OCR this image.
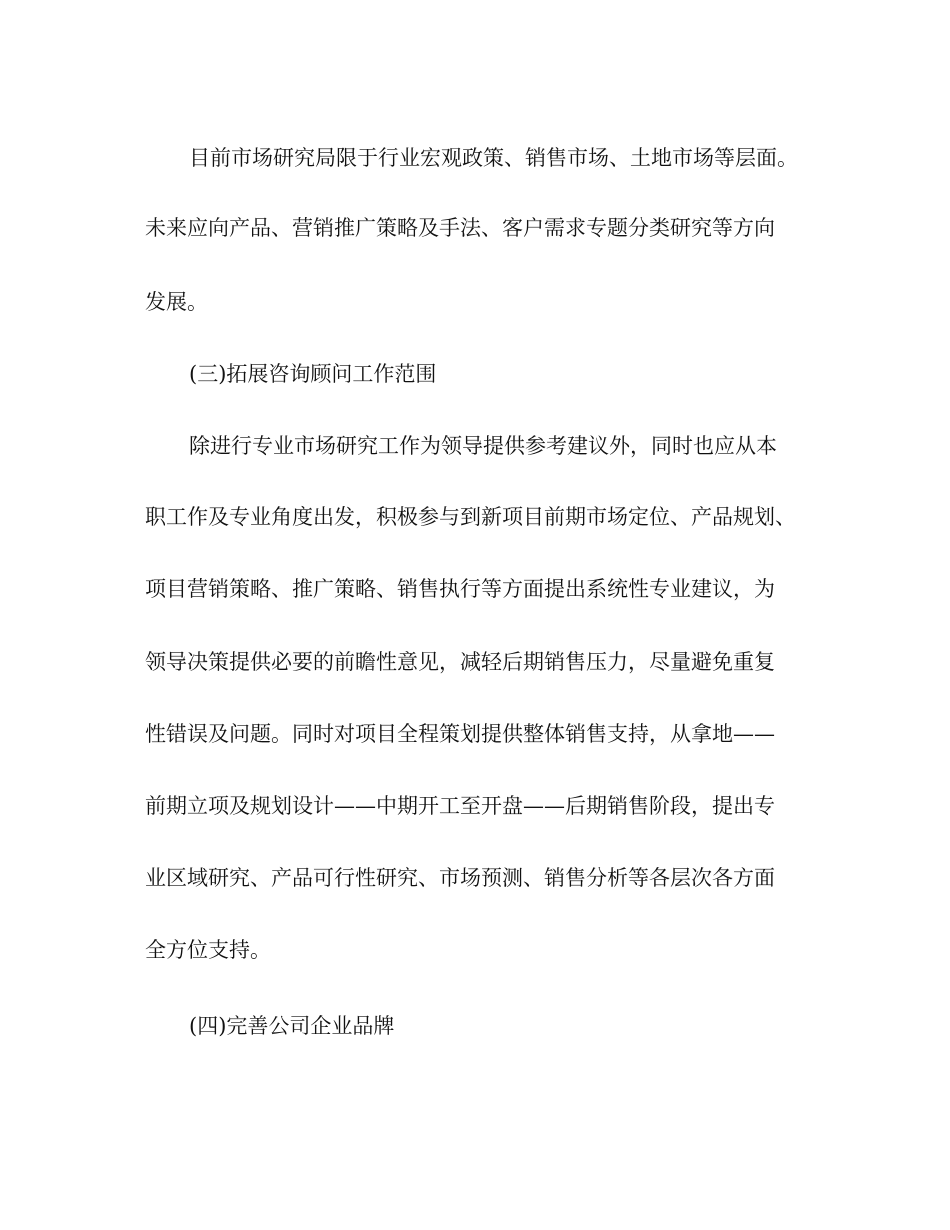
目前市场研究局限于行业宏观政策、销售市场、土地市场等层面。
未来应向产品、营销推广策略及手法、客户需求专题分类研究等方向
发展。
(三)拓展咨询顾问工作范围
除进行专业市场研究工作为领导提供参考建议外，同时也应从本
职工作及专业角度出发，积极参与到新项目前期市场定位、产品规划、
项目营销策略、推广策略、销售执行等方面提出系统性专业建议，为
领导决策提供必要的前瞻性意见，减轻后期销售压力，尽量避免重复
性错误及问题。同时对项目全程策划提供整体销售支持，从拿地——
前期立项及规划设计——中期开工至开盘——后期销售阶段，提出专
业区域研究、产品可行性研究、市场预测、销售分析等各层次各方面
全方位支持。
(四)完善公司企业品牌
